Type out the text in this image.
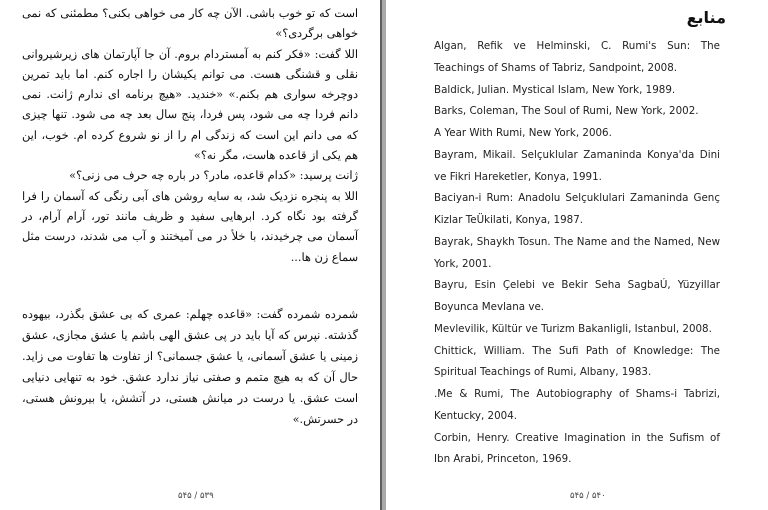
است که تو خوب باشی. الآن چه کار می خواهی بکنی؟ مطمئنی که نمی خواهی برگردی؟»

اللا گفت: «فکر کنم به آمستردام بروم. آن جا آپارتمان های زیرشیروانی نقلی و قشنگی هست. می توانم یکیشان را اجاره کنم. اما باید تمرین دوچرخه سواری هم بکنم.» «خندید. «هیچ برنامه ای ندارم ژانت. نمی دانم فردا چه می شود، پس فردا، پنج سال بعد چه می شود. تنها چیزی که می دانم این است که زندگی ام را از نو شروع کرده ام. خوب، این هم یکی از قاعده هاست، مگر نه؟»

ژانت پرسید: «کدام قاعده، مادر؟ در باره چه حرف می زنی؟»

اللا به پنجره نزدیک شد، به سایه روشن های آبی رنگی که آسمان را فرا گرفته بود نگاه کرد. ابرهایی سفید و ظریف مانند تور، آرام آرام، در آسمان می چرخیدند، با خلأ در می آمیختند و آب می شدند، درست مثل سماع زن ها...

شمرده شمرده گفت: «قاعده چهلم: عمری که بی عشق بگذرد، بیهوده گذشته. نپرس که آیا باید در پی عشق الهی باشم یا عشق مجازی، عشق زمینی یا عشق آسمانی، یا عشق جسمانی؟ از تفاوت ها تفاوت می زاید. حال آن که به هیچ متمم و صفتی نیاز ندارد عشق. خود به تنهایی دنیایی است عشق. یا درست در میانش هستی، در آتشش، یا بیرونش هستی، در حسرتش.»

۵۴۵ / ۵۳۹
منابع

Algan, Refik ve Helminski, C. Rumi's Sun: The Teachings of Shams of Tabriz, Sandpoint, 2008.

Baldick, Julian. Mystical Islam, New York, 1989.

Barks, Coleman, The Soul of Rumi, New York, 2002.

A Year With Rumi, New York, 2006.

Bayram, Mikail. Selçuklular Zamaninda Konya'da Dini ve Fikri Hareketler, Konya, 1991.

Baciyan-i Rum: Anadolu Selçuklulari Zamaninda Genç Kizlar TeÜkilati, Konya, 1987.

Bayrak, Shaykh Tosun. The Name and the Named, New York, 2001.

Bayru, Esin Çelebi ve Bekir Seha SagbaÚ, Yüzyillar Boyunca Mevlana ve.

Mevlevilik, Kültür ve Turizm Bakanligli, Istanbul, 2008.

Chittick, William. The Sufi Path of Knowledge: The Spiritual Teachings of Rumi, Albany, 1983.

.Me & Rumi, The Autobiography of Shams-i Tabrizi, Kentucky, 2004.

Corbin, Henry. Creative Imagination in the Sufism of Ibn Arabi, Princeton, 1969.

۵۴۵ / ۵۴۰
